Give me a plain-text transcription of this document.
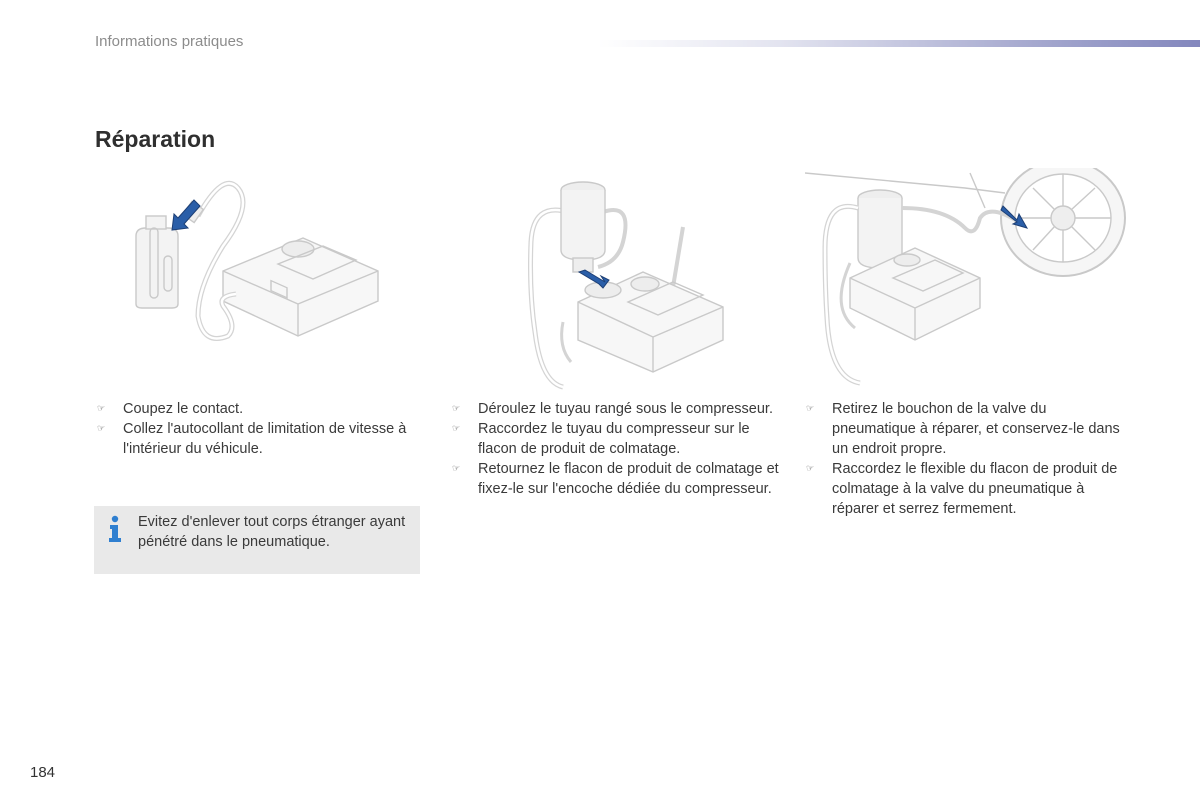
Informations pratiques
Réparation

☞ Coupez le contact.

☞ Collez l'autocollant de limitation de vitesse à l'intérieur du véhicule.

☞ Déroulez le tuyau rangé sous le compresseur.

☞ Raccordez le tuyau du compresseur sur le flacon de produit de colmatage.

☞ Retournez le flacon de produit de colmatage et fixez-le sur l'encoche dédiée du compresseur.

☞ Retirez le bouchon de la valve du pneumatique à réparer, et conservez-le dans un endroit propre.

☞ Raccordez le flexible du flacon de produit de colmatage à la valve du pneumatique à réparer et serrez fermement.

Evitez d'enlever tout corps étranger ayant pénétré dans le pneumatique.
184
